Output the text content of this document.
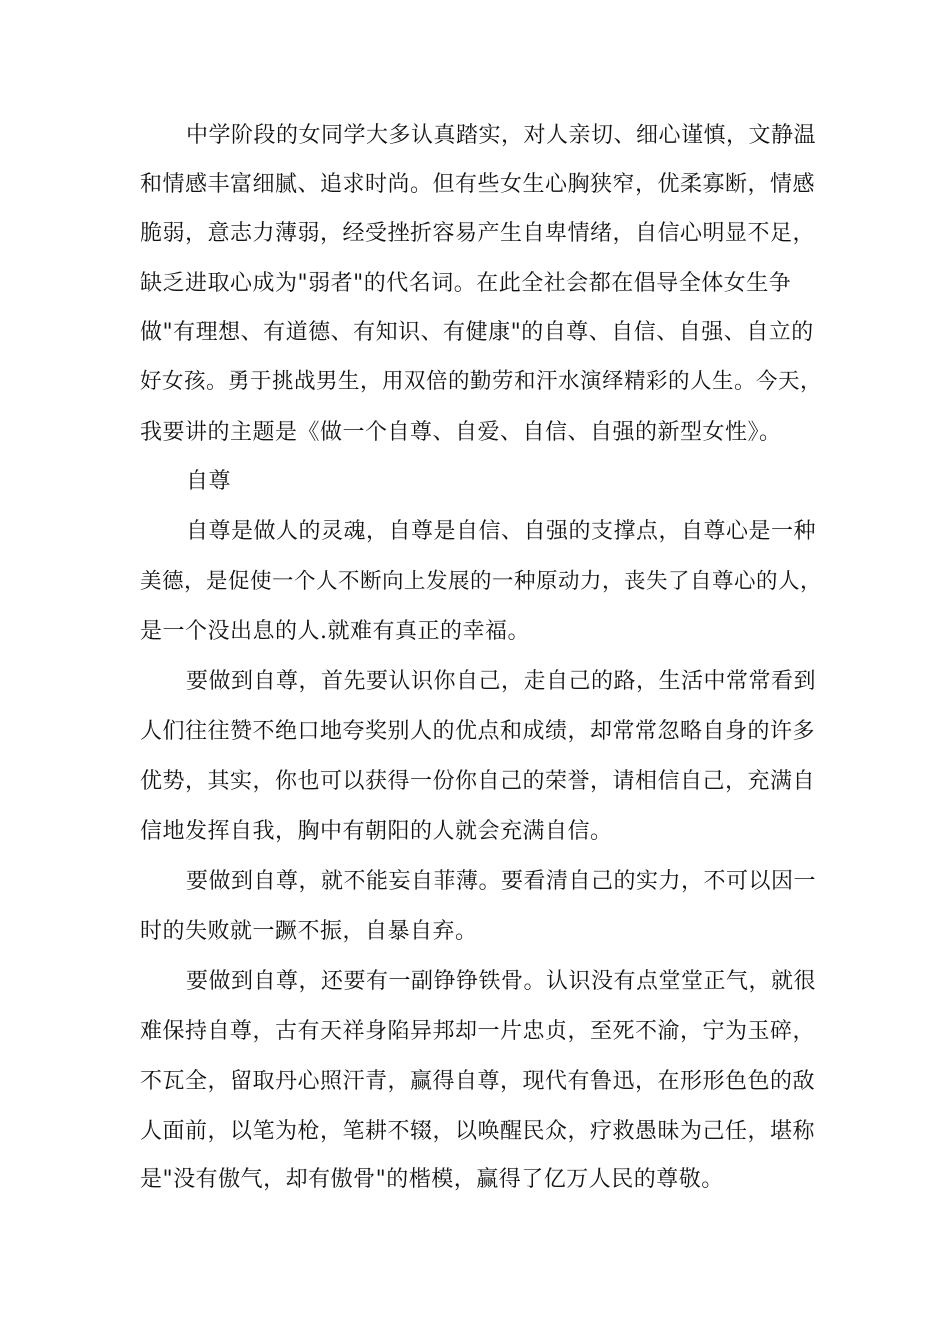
中学阶段的女同学大多认真踏实，对人亲切、细心谨慎，文静温
和情感丰富细腻、追求时尚。但有些女生心胸狭窄，优柔寡断，情感
脆弱，意志力薄弱，经受挫折容易产生自卑情绪，自信心明显不足，
缺乏进取心成为"弱者"的代名词。在此全社会都在倡导全体女生争
做"有理想、有道德、有知识、有健康"的自尊、自信、自强、自立的
好女孩。勇于挑战男生，用双倍的勤劳和汗水演绎精彩的人生。今天，
我要讲的主题是《做一个自尊、自爱、自信、自强的新型女性》。
自尊
自尊是做人的灵魂，自尊是自信、自强的支撑点，自尊心是一种
美德，是促使一个人不断向上发展的一种原动力，丧失了自尊心的人，
是一个没出息的人.就难有真正的幸福。
要做到自尊，首先要认识你自己，走自己的路，生活中常常看到
人们往往赞不绝口地夸奖别人的优点和成绩，却常常忽略自身的许多
优势，其实，你也可以获得一份你自己的荣誉，请相信自己，充满自
信地发挥自我，胸中有朝阳的人就会充满自信。
要做到自尊，就不能妄自菲薄。要看清自己的实力，不可以因一
时的失败就一蹶不振，自暴自弃。
要做到自尊，还要有一副铮铮铁骨。认识没有点堂堂正气，就很
难保持自尊，古有天祥身陷异邦却一片忠贞，至死不渝，宁为玉碎，
不瓦全，留取丹心照汗青，赢得自尊，现代有鲁迅，在形形色色的敌
人面前，以笔为枪，笔耕不辍，以唤醒民众，疗救愚昧为己任，堪称
是"没有傲气，却有傲骨"的楷模，赢得了亿万人民的尊敬。
